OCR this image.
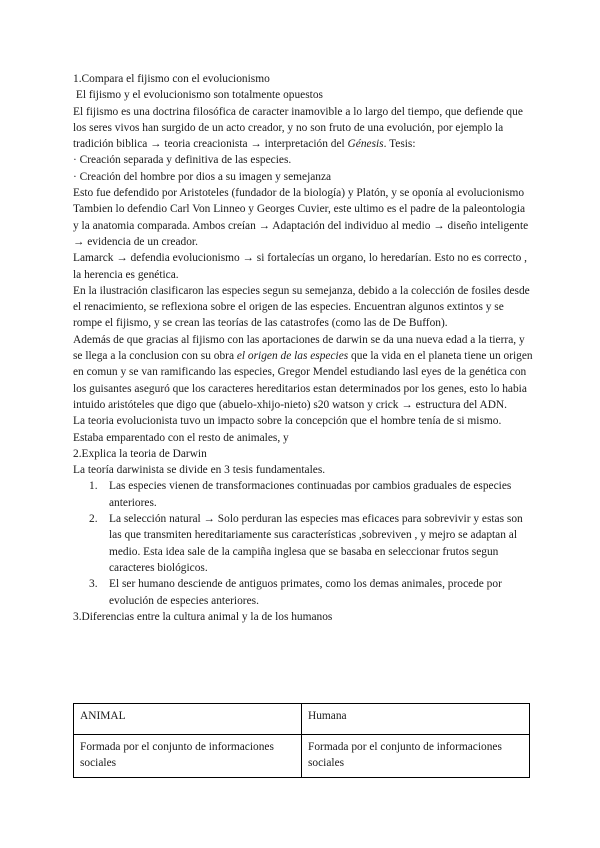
1.Compara el fijismo con el evolucionismo

El fijismo y el evolucionismo son totalmente opuestos

El fijismo es una doctrina filosófica de caracter inamovible a lo largo del tiempo, que defiende que los seres vivos han surgido de un acto creador, y no son fruto de una evolución, por ejemplo la tradición biblica → teoria creacionista → interpretación del Génesis. Tesis:

· Creación separada y definitiva de las especies.

· Creación del hombre por dios a su imagen y semejanza

Esto fue defendido por Aristoteles (fundador de la biología) y Platón, y se oponía al evolucionismo

Tambien lo defendio Carl Von Linneo y Georges Cuvier, este ultimo es el padre de la paleontologia y la anatomia comparada. Ambos creían → Adaptación del individuo al medio → diseño inteligente → evidencia de un creador.

Lamarck → defendia evolucionismo → si fortalecías un organo, lo heredarían. Esto no es correcto , la herencia es genética.

En la ilustración clasificaron las especies segun su semejanza, debido a la colección de fosiles desde el renacimiento, se reflexiona sobre el origen de las especies. Encuentran algunos extintos y se rompe el fijismo, y se crean las teorías de las catastrofes (como las de De Buffon).

Además de que gracias al fijismo con las aportaciones de darwin se da una nueva edad a la tierra, y se llega a la conclusion con su obra el origen de las especies que la vida en el planeta tiene un origen en comun y se van ramificando las especies, Gregor Mendel estudiando lasl eyes de la genética con los guisantes aseguró que los caracteres hereditarios estan determinados por los genes, esto lo habia intuido aristóteles que digo que (abuelo-xhijo-nieto) s20 watson y crick → estructura del ADN.

La teoria evolucionista tuvo un impacto sobre la concepción que el hombre tenía de si mismo. Estaba emparentado con el resto de animales, y

2.Explica la teoria de Darwin

La teoría darwinista se divide en 3 tesis fundamentales.

1. Las especies vienen de transformaciones continuadas por cambios graduales de especies anteriores.
2. La selección natural → Solo perduran las especies mas eficaces para sobrevivir y estas son las que transmiten hereditariamente sus características ,sobreviven , y mejro se adaptan al medio. Esta idea sale de la campiña inglesa que se basaba en seleccionar frutos segun caracteres biológicos.
3. El ser humano desciende de antiguos primates, como los demas animales, procede por evolución de especies anteriores.

3.Diferencias entre la cultura animal y la de los humanos

ANIMAL	Humana
Formada por el conjunto de informaciones sociales	Formada por el conjunto de informaciones sociales
